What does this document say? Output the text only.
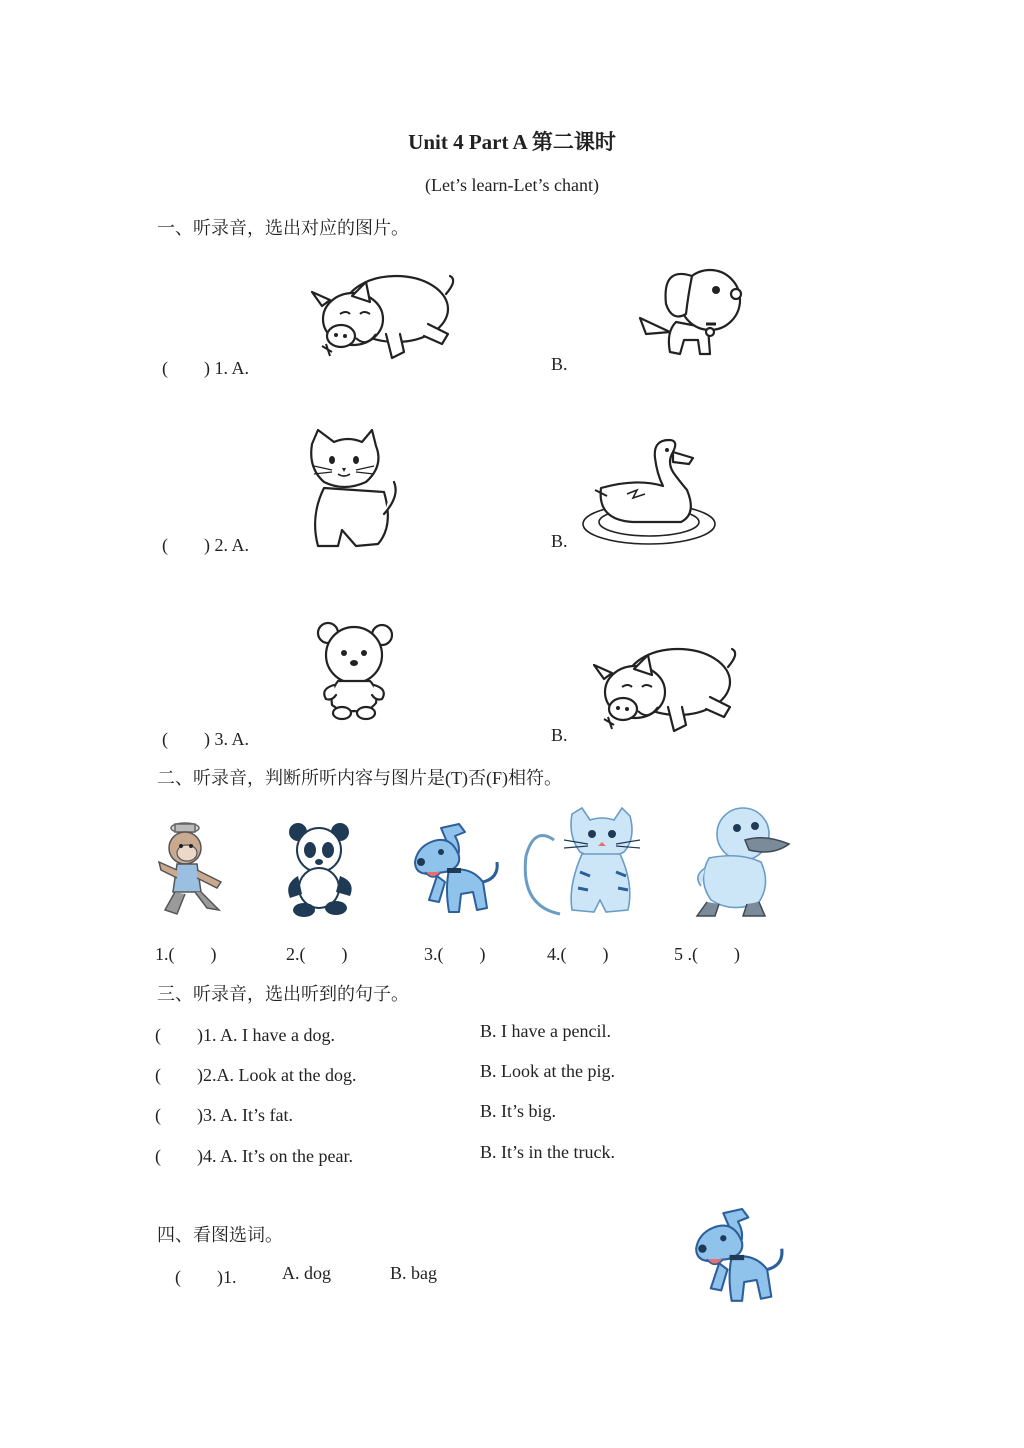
Unit 4 Part A 第二课时
(Let’s learn-Let’s chant)
一、听录音，选出对应的图片。
(　　) 1. A.	B.
(　　) 2. A.	B.
(　　) 3. A.	B.
二、听录音，判断所听内容与图片是(T)否(F)相符。
1.(　　)	2.(　　)	3.(　　)	4.(　　)	5 .(　　)
三、听录音，选出听到的句子。
(　　)1. A. I have a dog.	B. I have a pencil.
(　　)2.A. Look at the dog.	B. Look at the pig.
(　　)3. A. It’s fat.	B. It’s big.
(　　)4. A. It’s on the pear.	B. It’s in the truck.
四、看图选词。
(　　)1.	A. dog	B. bag
